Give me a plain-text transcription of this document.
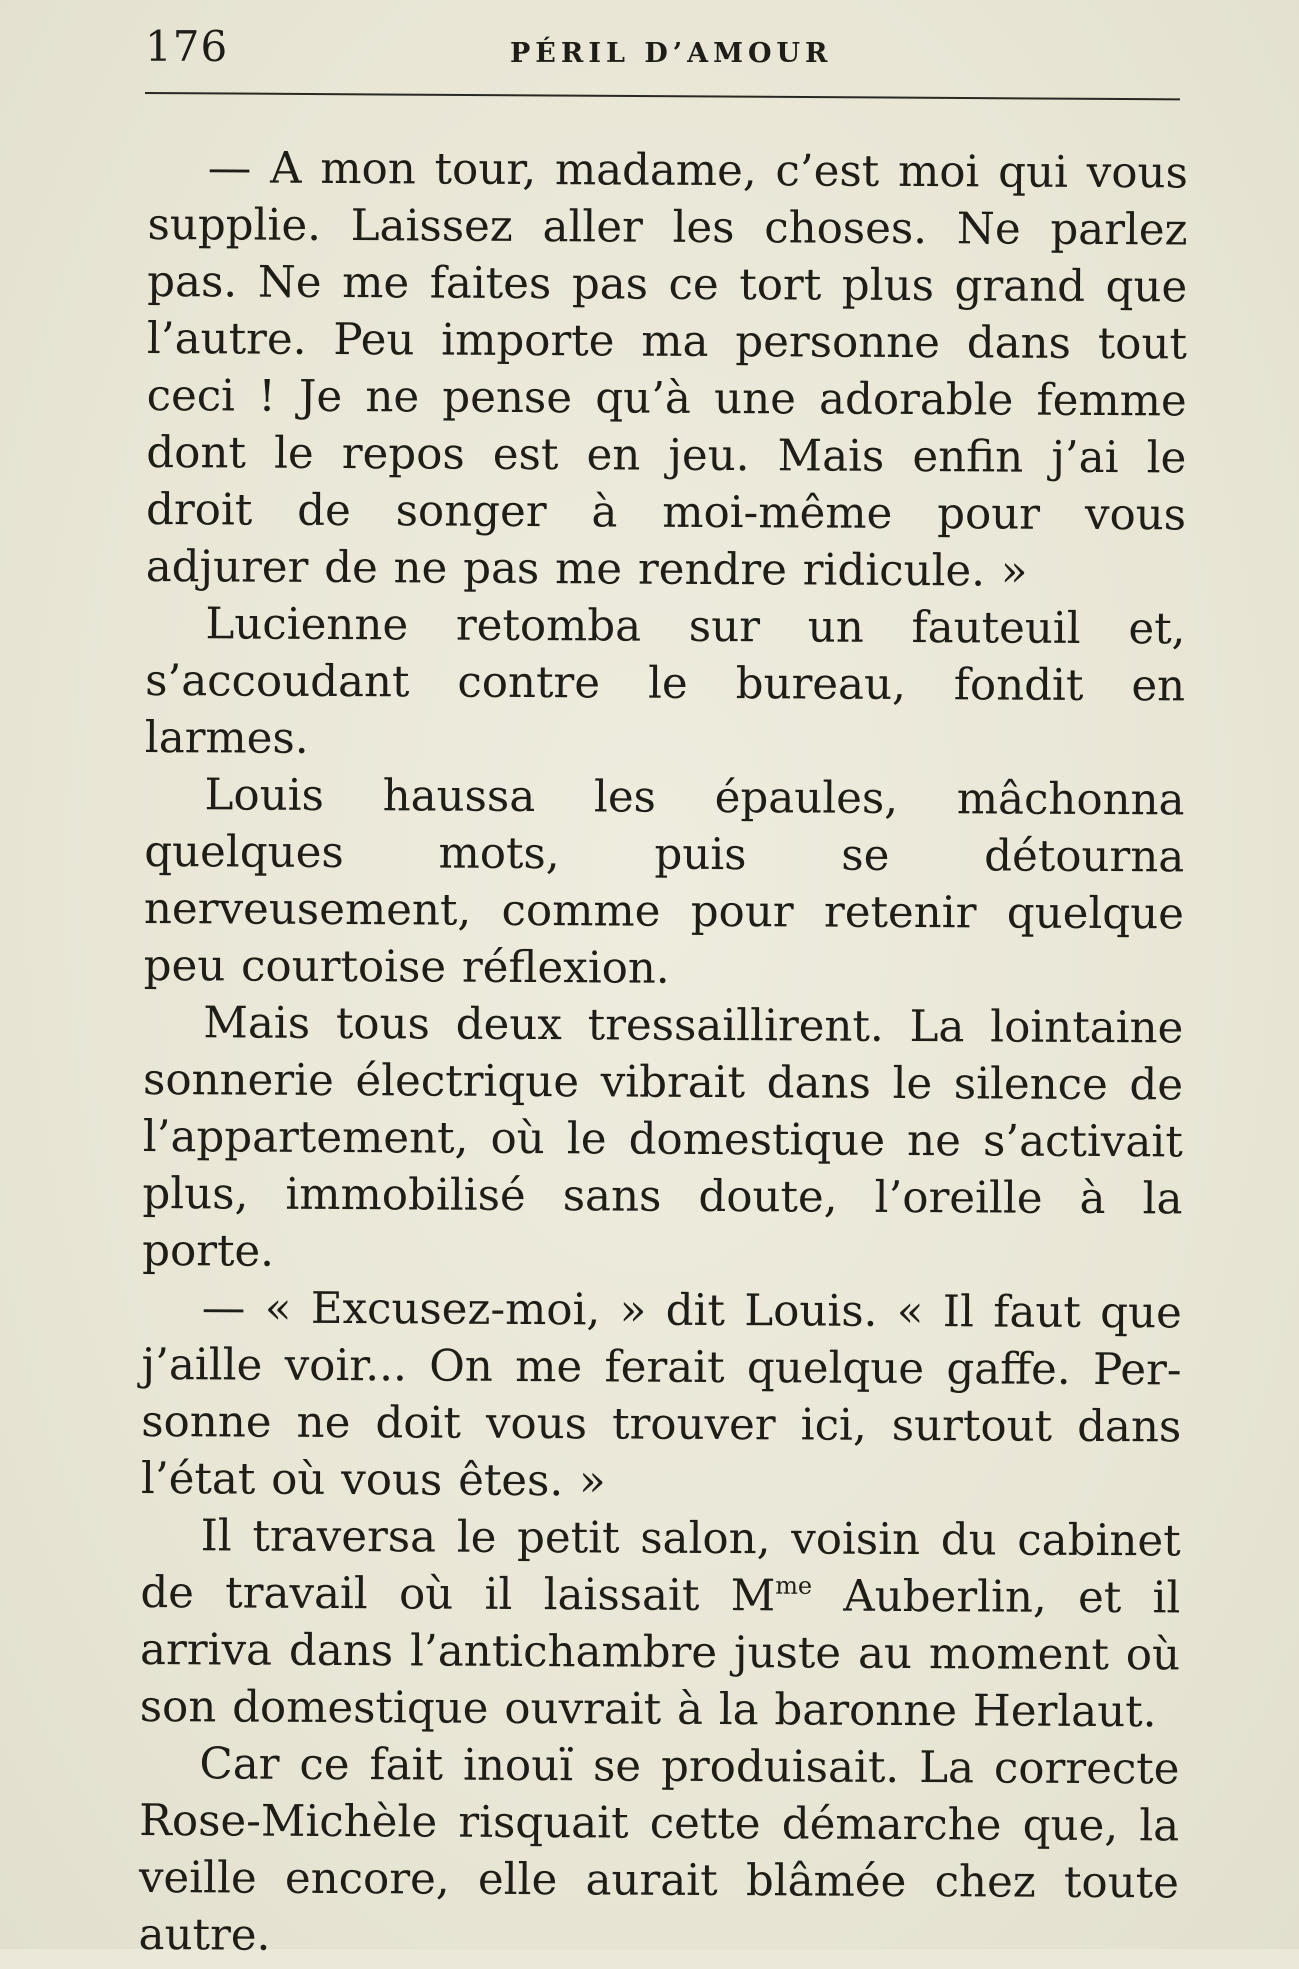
176	PÉRIL D’AMOUR

— A mon tour, madame, c’est moi qui vous supplie. Laissez aller les choses. Ne parlez pas. Ne me faites pas ce tort plus grand que l’autre. Peu importe ma personne dans tout ceci ! Je ne pense qu’à une adorable femme dont le repos est en jeu. Mais enfin j’ai le droit de songer à moi-même pour vous adjurer de ne pas me rendre ridicule. »

Lucienne retomba sur un fauteuil et, s’accoudant contre le bureau, fondit en larmes.

Louis haussa les épaules, mâchonna quelques mots, puis se détourna nerveusement, comme pour retenir quelque peu courtoise réflexion.

Mais tous deux tressaillirent. La lointaine sonnerie électrique vibrait dans le silence de l’appartement, où le domestique ne s’activait plus, immobilisé sans doute, l’oreille à la porte.

— « Excusez-moi, » dit Louis. « Il faut que j’aille voir... On me ferait quelque gaffe. Personne ne doit vous trouver ici, surtout dans l’état où vous êtes. »

Il traversa le petit salon, voisin du cabinet de travail où il laissait $M^{me}$ Auberlin, et il arriva dans l’antichambre juste au moment où son domestique ouvrait à la baronne Herlaut.

Car ce fait inouï se produisait. La correcte Rose-Michèle risquait cette démarche que, la veille encore, elle aurait blâmée chez toute autre.
